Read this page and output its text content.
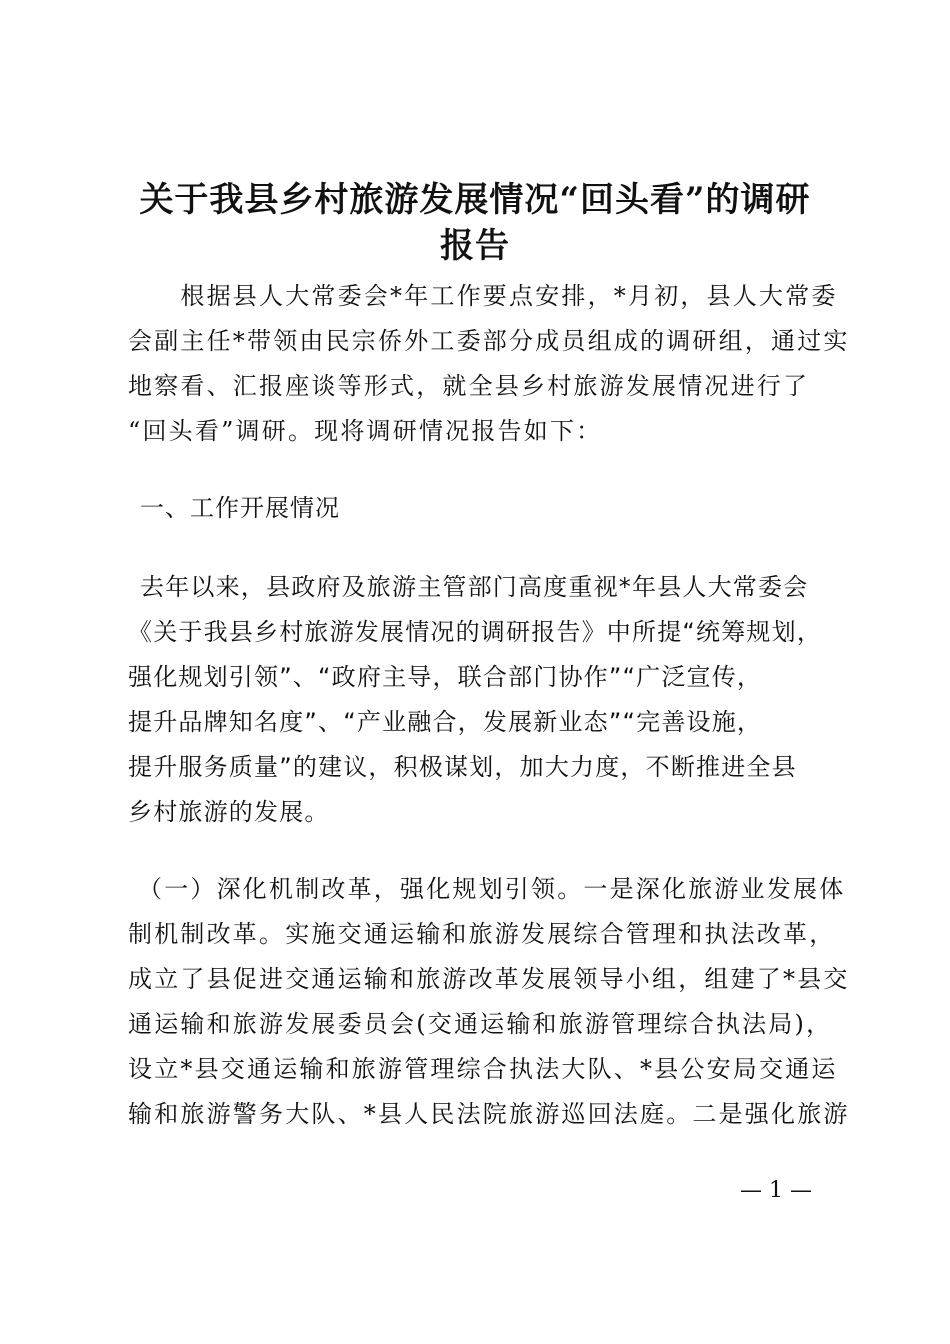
关于我县乡村旅游发展情况“回头看”的调研
报告
　　根据县人大常委会*年工作要点安排，*月初，县人大常委
会副主任*带领由民宗侨外工委部分成员组成的调研组，通过实
地察看、汇报座谈等形式，就全县乡村旅游发展情况进行了
“回头看”调研。现将调研情况报告如下：
一、工作开展情况
去年以来，县政府及旅游主管部门高度重视*年县人大常委会
《关于我县乡村旅游发展情况的调研报告》中所提“统筹规划，
强化规划引领”、“政府主导，联合部门协作”“广泛宣传，
提升品牌知名度”、“产业融合，发展新业态”“完善设施，
提升服务质量”的建议，积极谋划，加大力度，不断推进全县
乡村旅游的发展。
（一）深化机制改革，强化规划引领。一是深化旅游业发展体
制机制改革。实施交通运输和旅游发展综合管理和执法改革，
成立了县促进交通运输和旅游改革发展领导小组，组建了*县交
通运输和旅游发展委员会(交通运输和旅游管理综合执法局)，
设立*县交通运输和旅游管理综合执法大队、*县公安局交通运
输和旅游警务大队、*县人民法院旅游巡回法庭。二是强化旅游
— 1 —
